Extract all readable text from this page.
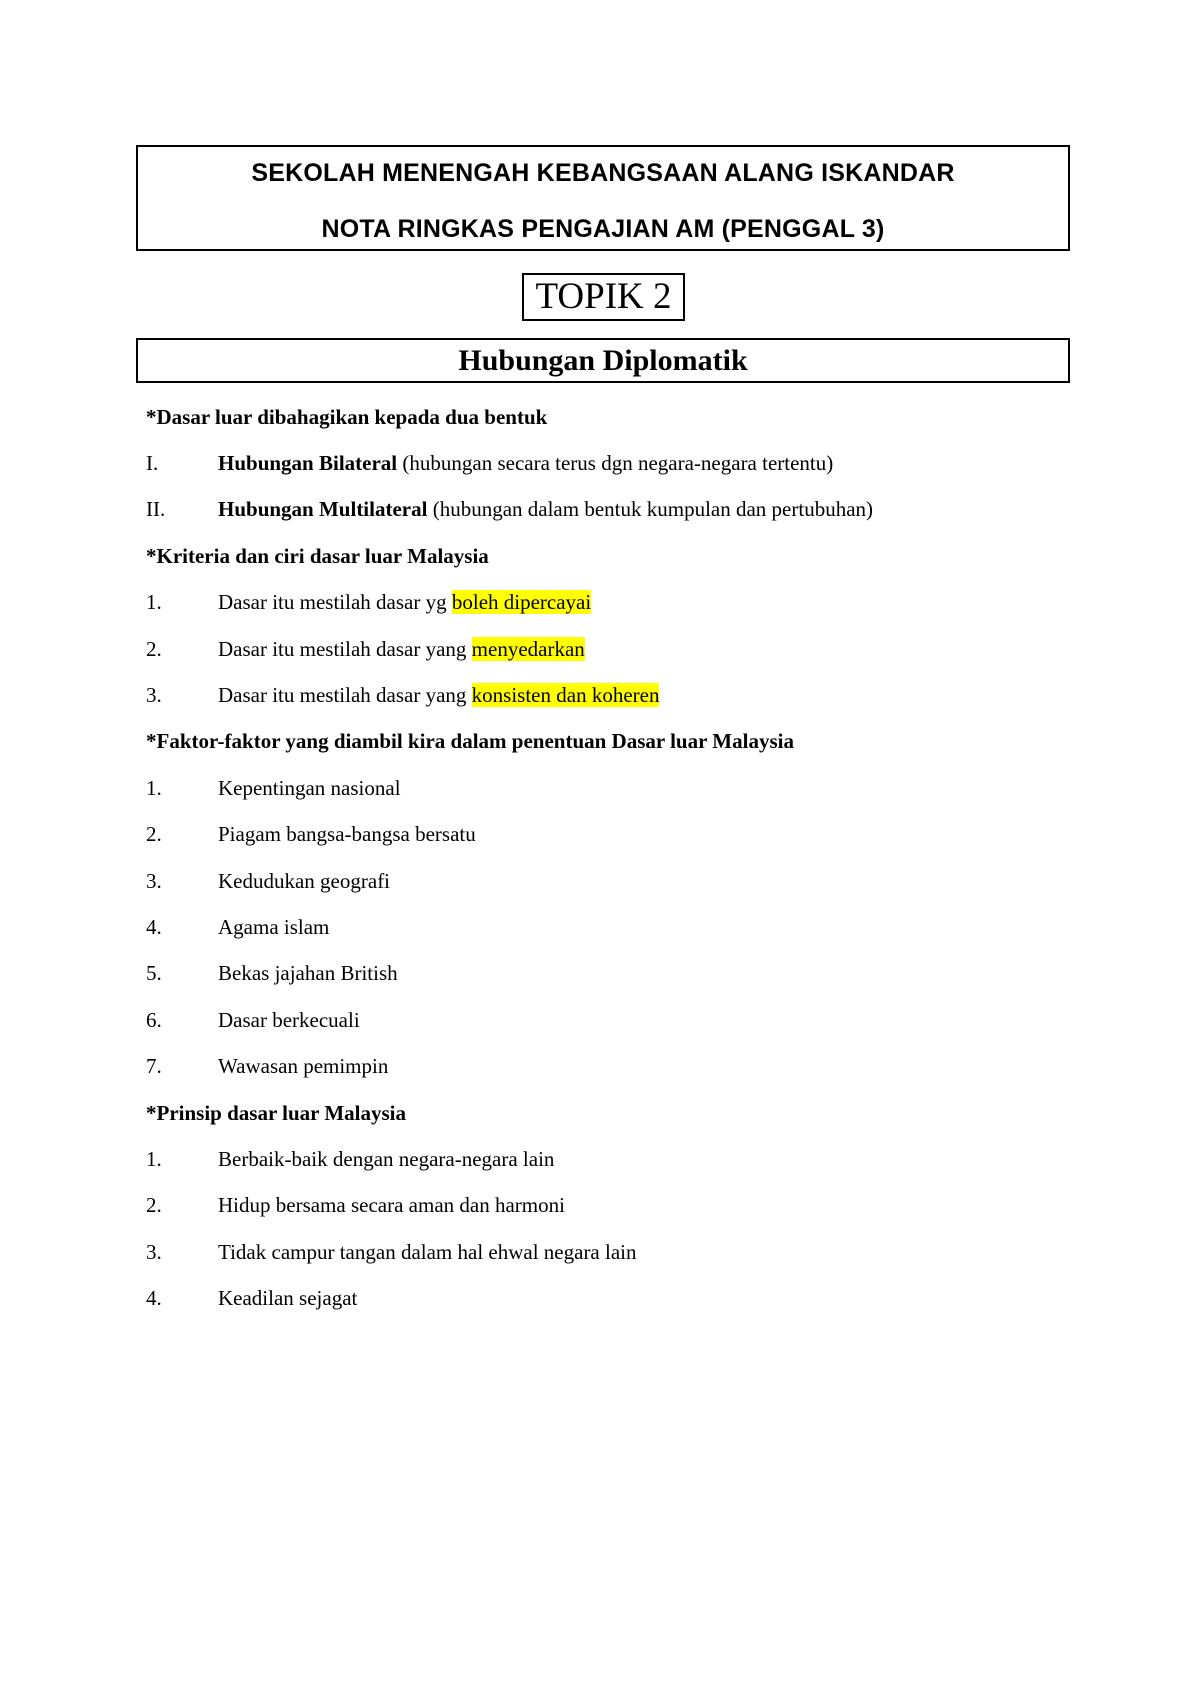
SEKOLAH MENENGAH KEBANGSAAN ALANG ISKANDAR
NOTA RINGKAS PENGAJIAN AM (PENGGAL 3)
TOPIK 2
Hubungan Diplomatik
*Dasar luar dibahagikan kepada dua bentuk
I.	Hubungan Bilateral (hubungan secara terus dgn negara-negara tertentu)
II.	Hubungan Multilateral (hubungan dalam bentuk kumpulan dan pertubuhan)
*Kriteria dan ciri dasar luar Malaysia
1.	Dasar itu mestilah dasar yg boleh dipercayai
2.	Dasar itu mestilah dasar yang menyedarkan
3.	Dasar itu mestilah dasar yang konsisten dan koheren
*Faktor-faktor yang diambil kira dalam penentuan Dasar luar Malaysia
1.	Kepentingan nasional
2.	Piagam bangsa-bangsa bersatu
3.	Kedudukan geografi
4.	Agama islam
5.	Bekas jajahan British
6.	Dasar berkecuali
7.	Wawasan pemimpin
*Prinsip dasar luar Malaysia
1.	Berbaik-baik dengan negara-negara lain
2.	Hidup bersama secara aman dan harmoni
3.	Tidak campur tangan dalam hal ehwal negara lain
4.	Keadilan sejagat
